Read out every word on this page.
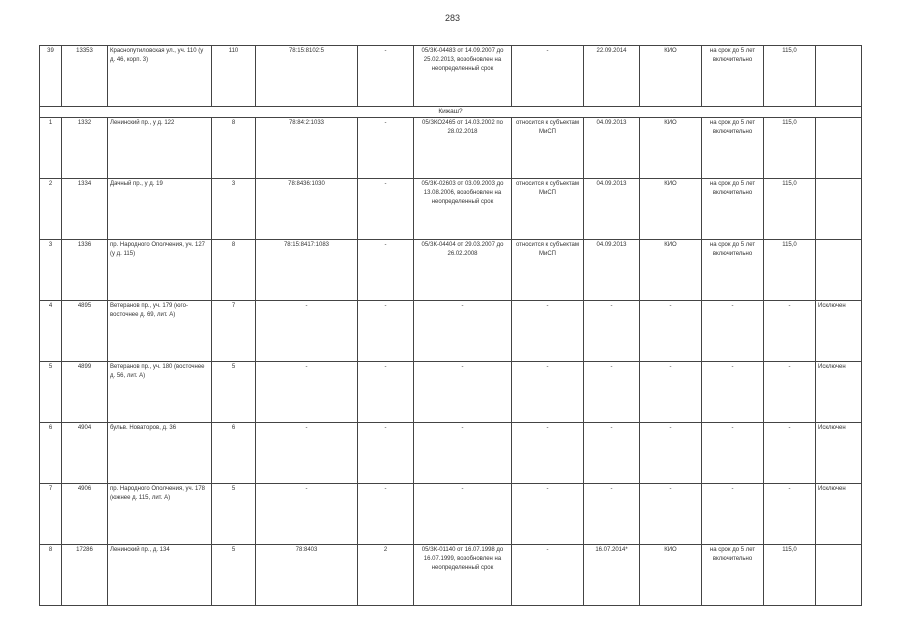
283
39	13353	Краснопутиловская ул., уч. 110 (у д. 46, корп. 3)	110	78:15:8102:5	-	05/ЗК-04483 от 14.09.2007 до 25.02.2013, возобновлен на неопределенный срок	-	22.09.2014	КИО	на срок до 5 лет включительно	115,0	
Кижаш?												
1	1332	Ленинский пр., у д. 122	8	78:84:2:1033	-	05/ЗКО2465 от 14.03.2002 по 28.02.2018	относится к субъектам МиСП	04.09.2013	КИО	на срок до 5 лет включительно	115,0	
2	1334	Дачный пр., у д. 19	3	78:8436:1030	-	05/ЗК-02603 от 03.09.2003 до 13.08.2006, возобновлен на неопределенный срок	относится к субъектам МиСП	04.09.2013	КИО	на срок до 5 лет включительно	115,0	
3	1336	пр. Народного Ополчения, уч. 127 (у д. 115)	8	78:15:8417:1083	-	05/ЗК-04404 от 29.03.2007 до 26.02.2008	относится к субъектам МиСП	04.09.2013	КИО	на срок до 5 лет включительно	115,0	
4	4895	Ветеранов пр., уч. 179 (юго-восточнее д. 69, лит. А)	7	-	-	-	-	-	-	-	-	Исключен
5	4899	Ветеранов пр., уч. 180 (восточнее д. 56, лит. А)	5	-	-	-	-	-	-	-	-	Исключен
6	4904	бульв. Новаторов, д. 36	6	-	-	-	-	-	-	-	-	Исключен
7	4906	пр. Народного Ополчения, уч. 178 (южнее д. 115, лит. А)	5	-	-	-	-	-	-	-	-	Исключен
8	17286	Ленинский пр., д. 134	5	78:8403	2	05/ЗК-01140 от 16.07.1998 до 16.07.1999, возобновлен на неопределенный срок	-	16.07.2014*	КИО	на срок до 5 лет включительно	115,0	
